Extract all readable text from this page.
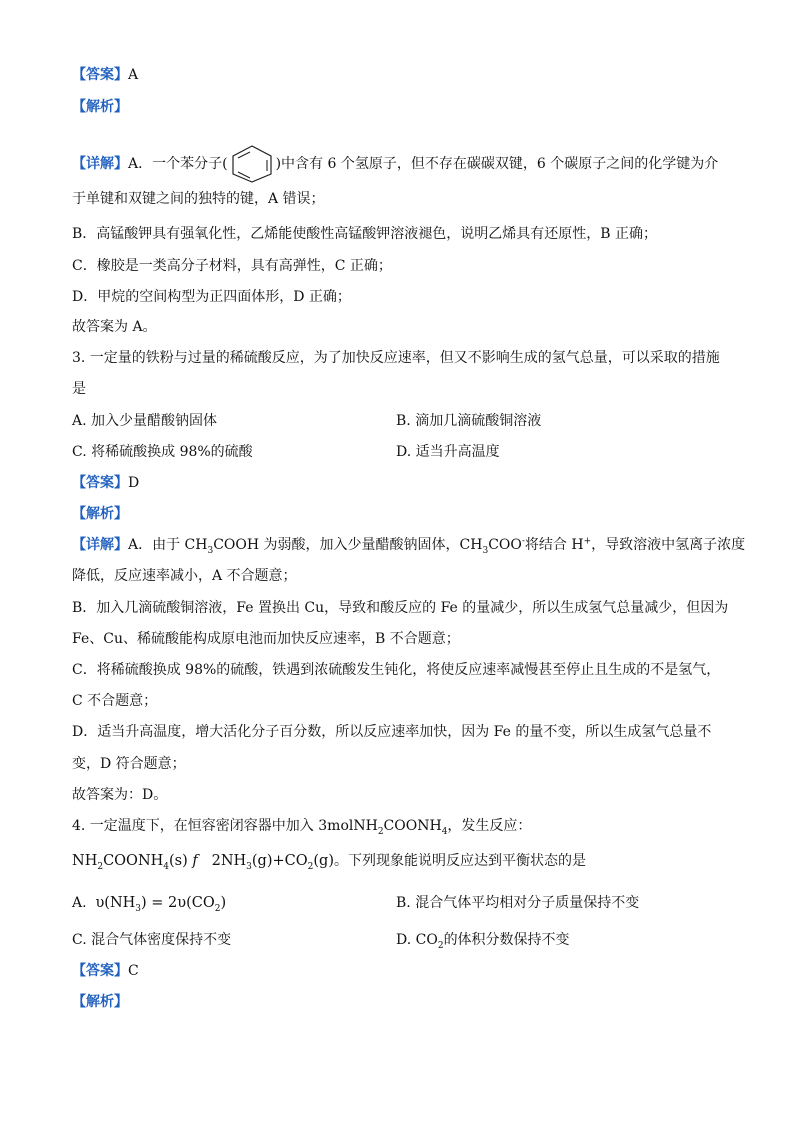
【答案】A
【解析】
【详解】A．一个苯分子(	)中含有 6 个氢原子，但不存在碳碳双键，6 个碳原子之间的化学键为介
于单键和双键之间的独特的键，A 错误；
B．高锰酸钾具有强氧化性，乙烯能使酸性高锰酸钾溶液褪色，说明乙烯具有还原性，B 正确；
C．橡胶是一类高分子材料，具有高弹性，C 正确；
D．甲烷的空间构型为正四面体形，D 正确；
故答案为 A。
3. 一定量的铁粉与过量的稀硫酸反应，为了加快反应速率，但又不影响生成的氢气总量，可以采取的措施
是
A. 加入少量醋酸钠固体	B. 滴加几滴硫酸铜溶液
C. 将稀硫酸换成 98%的硫酸	D. 适当升高温度
【答案】D
【解析】
【详解】A．由于 $CH_3COOH$ 为弱酸，加入少量醋酸钠固体，$CH_3COO^-$将结合 H+，导致溶液中氢离子浓度
降低，反应速率减小，A 不合题意；
B．加入几滴硫酸铜溶液，Fe 置换出 Cu，导致和酸反应的 Fe 的量减少，所以生成氢气总量减少，但因为
Fe、Cu、稀硫酸能构成原电池而加快反应速率，B 不合题意；
C．将稀硫酸换成 98%的硫酸，铁遇到浓硫酸发生钝化，将使反应速率减慢甚至停止且生成的不是氢气，
C 不合题意；
D．适当升高温度，增大活化分子百分数，所以反应速率加快，因为 Fe 的量不变，所以生成氢气总量不
变，D 符合题意；
故答案为：D。
4. 一定温度下，在恒容密闭容器中加入 $3molNH_2COONH_4$，发生反应：
$NH_2COONH_4(s)$ f $2NH_3(g)+CO_2(g)$。下列现象能说明反应达到平衡状态的是
A. $\upsilon(NH_3) = 2\upsilon(CO_2)$	B. 混合气体平均相对分子质量保持不变
C. 混合气体密度保持不变	D. $CO_2$的体积分数保持不变
【答案】C
【解析】
